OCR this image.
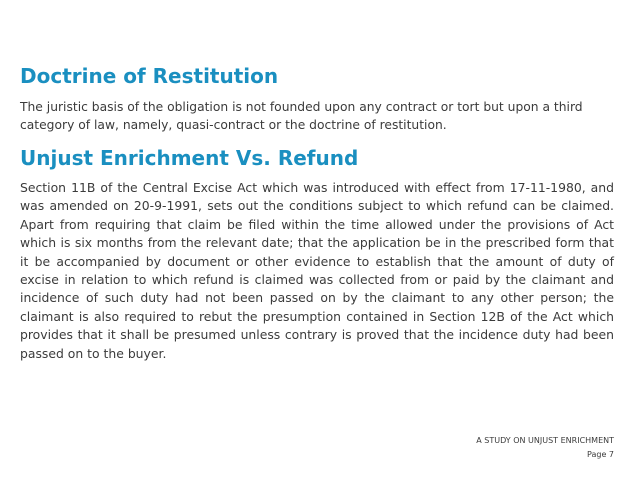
Doctrine of Restitution

The juristic basis of the obligation is not founded upon any contract or tort but upon a third category of law, namely, quasi-contract or the doctrine of restitution.

Unjust Enrichment Vs. Refund

Section 11B of the Central Excise Act which was introduced with effect from 17-11-1980, and was amended on 20-9-1991, sets out the conditions subject to which refund can be claimed. Apart from requiring that claim be filed within the time allowed under the provisions of Act which is six months from the relevant date; that the application be in the prescribed form that it be accompanied by document or other evidence to establish that the amount of duty of excise in relation to which refund is claimed was collected from or paid by the claimant and incidence of such duty had not been passed on by the claimant to any other person; the claimant is also required to rebut the presumption contained in Section 12B of the Act which provides that it shall be presumed unless contrary is proved that the incidence duty had been passed on to the buyer.

A STUDY ON UNJUST ENRICHMENT
Page 7
